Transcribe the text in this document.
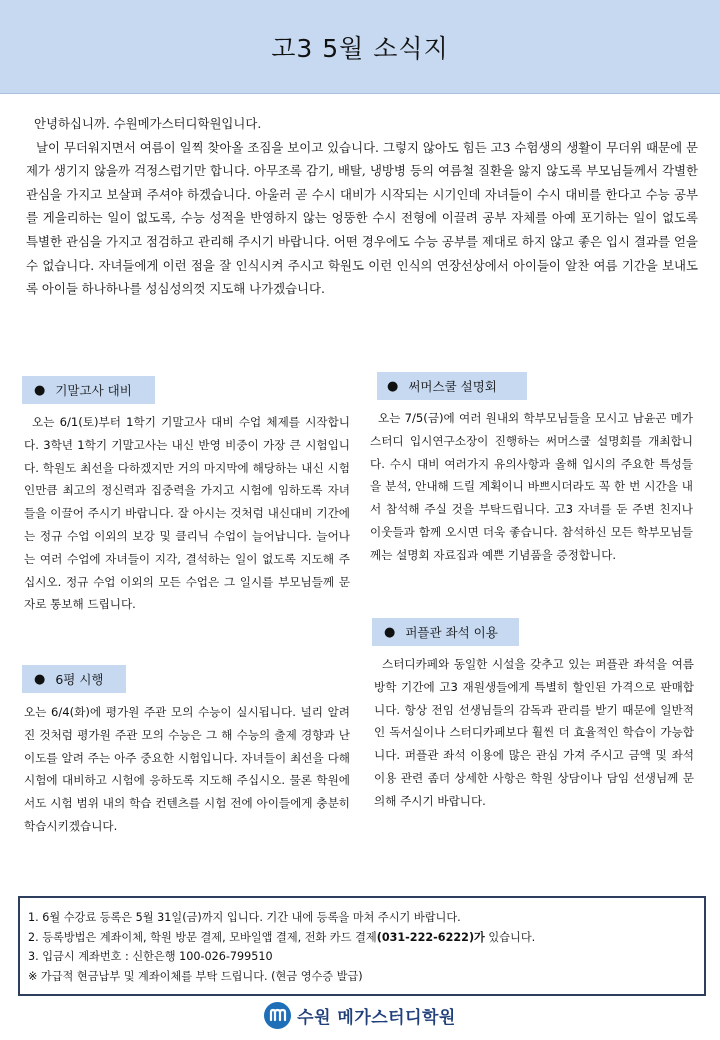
고3 5월 소식지

안녕하십니까. 수원메가스터디학원입니다.

날이 무더워지면서 여름이 일찍 찾아올 조짐을 보이고 있습니다. 그렇지 않아도 힘든 고3 수험생의 생활이 무더위 때문에 문제가 생기지 않을까 걱정스럽기만 합니다. 아무조록 감기, 배탈, 냉방병 등의 여름철 질환을 앓지 않도록 부모님들께서 각별한 관심을 가지고 보살펴 주셔야 하겠습니다. 아울러 곧 수시 대비가 시작되는 시기인데 자녀들이 수시 대비를 한다고 수능 공부를 게을리하는 일이 없도록, 수능 성적을 반영하지 않는 엉뚱한 수시 전형에 이끌려 공부 자체를 아예 포기하는 일이 없도록 특별한 관심을 가지고 점검하고 관리해 주시기 바랍니다. 어떤 경우에도 수능 공부를 제대로 하지 않고 좋은 입시 결과를 얻을 수 없습니다. 자녀들에게 이런 점을 잘 인식시켜 주시고 학원도 이런 인식의 연장선상에서 아이들이 알찬 여름 기간을 보내도록 아이들 하나하나를 성심성의껏 지도해 나가겠습니다.

● 기말고사 대비
오는 6/1(토)부터 1학기 기말고사 대비 수업 체제를 시작합니다. 3학년 1학기 기말고사는 내신 반영 비중이 가장 큰 시험입니다. 학원도 최선을 다하겠지만 거의 마지막에 해당하는 내신 시험인만큼 최고의 정신력과 집중력을 가지고 시험에 임하도록 자녀들을 이끌어 주시기 바랍니다. 잘 아시는 것처럼 내신대비 기간에는 정규 수업 이외의 보강 및 클리닉 수업이 늘어납니다. 늘어나는 여러 수업에 자녀들이 지각, 결석하는 일이 없도록 지도해 주십시오. 정규 수업 이외의 모든 수업은 그 일시를 부모님들께 문자로 통보해 드립니다.
● 6평 시행
오는 6/4(화)에 평가원 주관 모의 수능이 실시됩니다. 널리 알려진 것처럼 평가원 주관 모의 수능은 그 해 수능의 출제 경향과 난이도를 알려 주는 아주 중요한 시험입니다. 자녀들이 최선을 다해 시험에 대비하고 시험에 응하도록 지도해 주십시오. 물론 학원에서도 시험 범위 내의 학습 컨텐츠를 시험 전에 아이들에게 충분히 학습시키겠습니다.
● 써머스쿨 설명회
오는 7/5(금)에 여러 원내외 학부모님들을 모시고 남윤곤 메가스터디 입시연구소장이 진행하는 써머스쿨 설명회를 개최합니다. 수시 대비 여러가지 유의사항과 올해 입시의 주요한 특성들을 분석, 안내해 드릴 계획이니 바쁘시더라도 꼭 한 번 시간을 내서 참석해 주실 것을 부탁드립니다. 고3 자녀를 둔 주변 친지나 이웃들과 함께 오시면 더욱 좋습니다. 참석하신 모든 학부모님들께는 설명회 자료집과 예쁜 기념품을 증정합니다.
● 퍼플관 좌석 이용
스터디카페와 동일한 시설을 갖추고 있는 퍼플관 좌석을 여름방학 기간에 고3 재원생들에게 특별히 할인된 가격으로 판매합니다. 항상 전임 선생님들의 감독과 관리를 받기 때문에 일반적인 독서실이나 스터디카페보다 훨씬 더 효율적인 학습이 가능합니다. 퍼플관 좌석 이용에 많은 관심 가져 주시고 금액 및 좌석 이용 관련 좀더 상세한 사항은 학원 상담이나 담임 선생님께 문의해 주시기 바랍니다.
1. 6월 수강료 등록은 5월 31일(금)까지 입니다. 기간 내에 등록을 마쳐 주시기 바랍니다.
2. 등록방법은 계좌이체, 학원 방문 결제, 모바일앱 결제, 전화 카드 결제(031-222-6222)가 있습니다.
3. 입금시 계좌번호 : 신한은행 100-026-799510
※ 가급적 현금납부 및 계좌이체를 부탁 드립니다. (현금 영수증 발급)
수원 메가스터디학원
